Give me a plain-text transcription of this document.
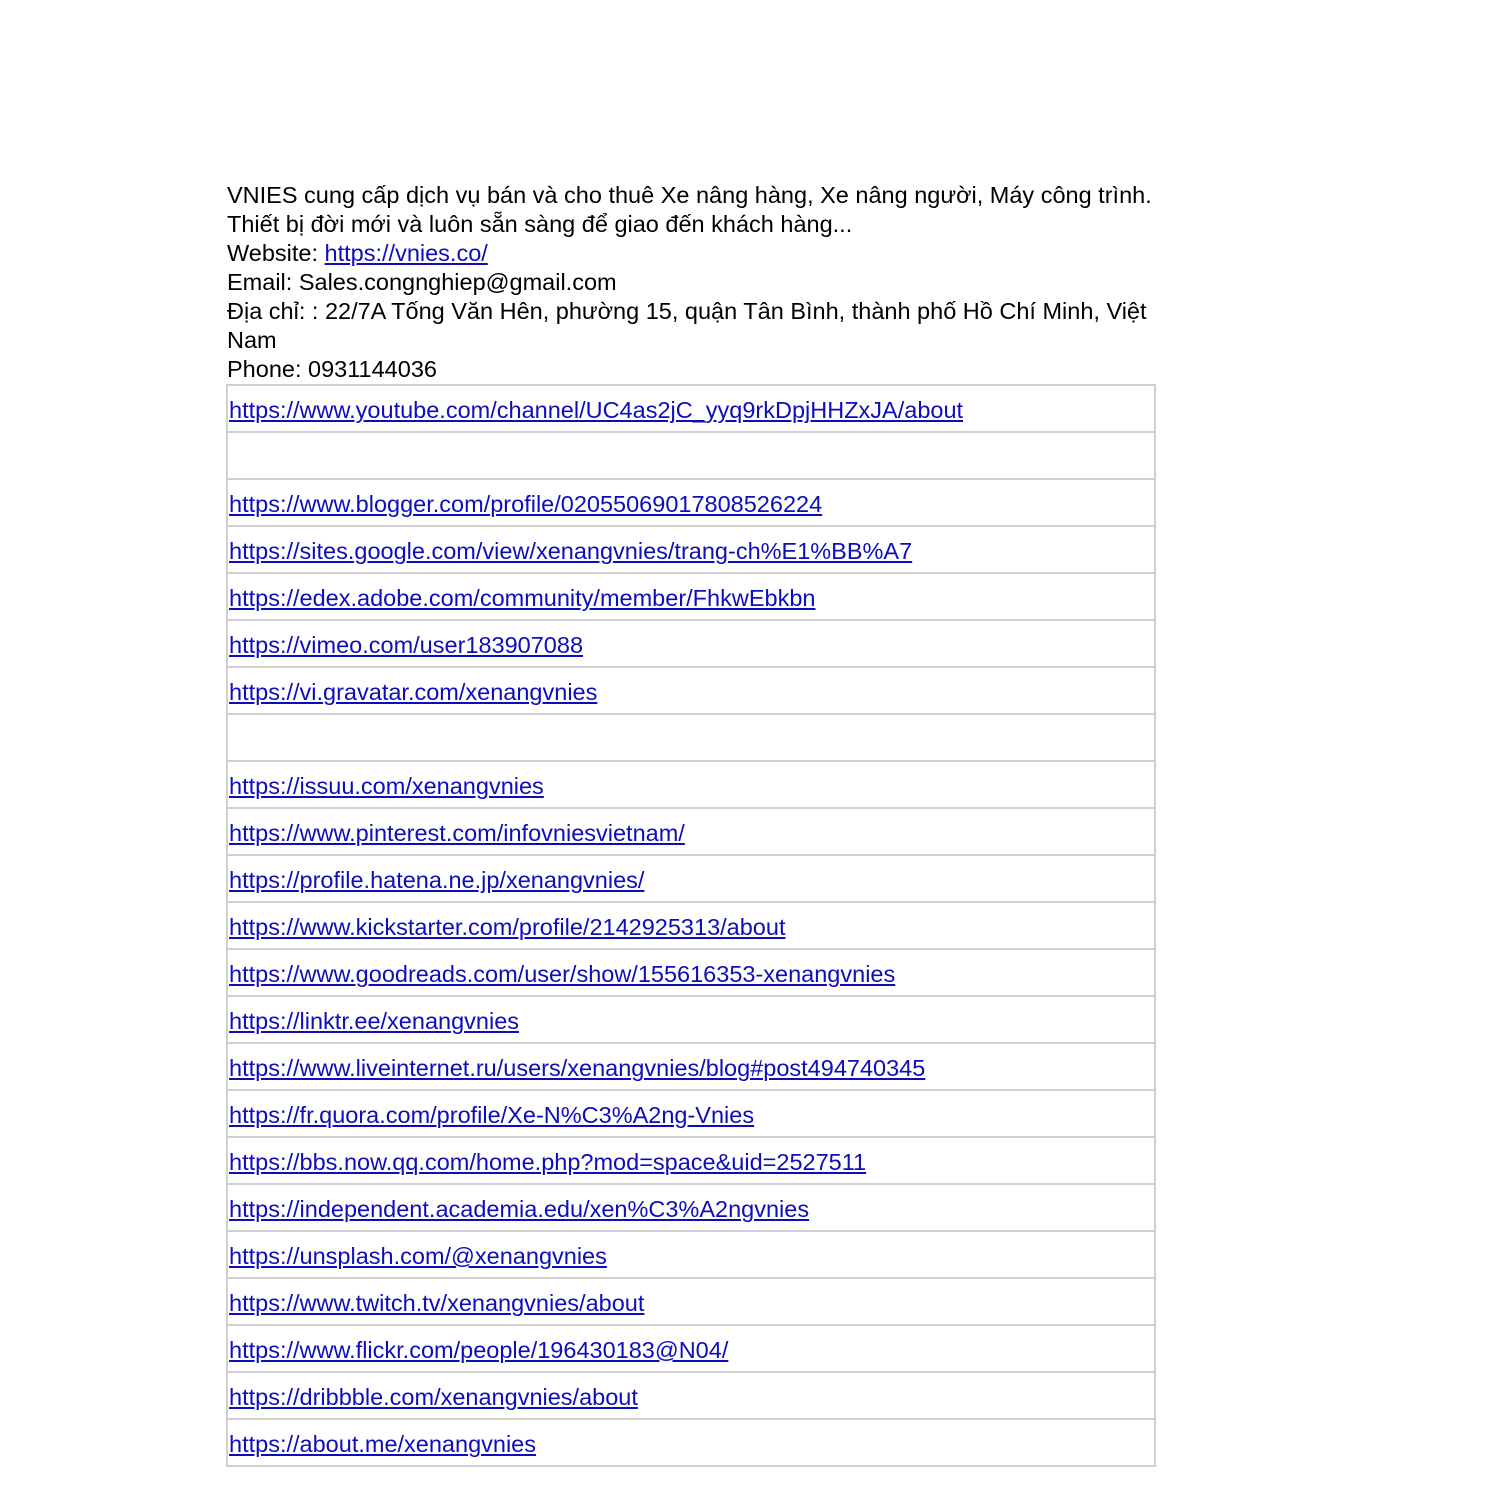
VNIES cung cấp dịch vụ bán và cho thuê Xe nâng hàng, Xe nâng người, Máy công trình.

Thiết bị đời mới và luôn sẵn sàng để giao đến khách hàng...

Website: https://vnies.co/

Email: Sales.congnghiep@gmail.com

Địa chỉ: : 22/7A Tống Văn Hên, phường 15, quận Tân Bình, thành phố Hồ Chí Minh, Việt

Nam

Phone: 0931144036

https://www.youtube.com/channel/UC4as2jC_yyq9rkDpjHHZxJA/about

https://www.blogger.com/profile/02055069017808526224

https://sites.google.com/view/xenangvnies/trang-ch%E1%BB%A7

https://edex.adobe.com/community/member/FhkwEbkbn

https://vimeo.com/user183907088

https://vi.gravatar.com/xenangvnies

https://issuu.com/xenangvnies

https://www.pinterest.com/infovniesvietnam/

https://profile.hatena.ne.jp/xenangvnies/

https://www.kickstarter.com/profile/2142925313/about

https://www.goodreads.com/user/show/155616353-xenangvnies

https://linktr.ee/xenangvnies

https://www.liveinternet.ru/users/xenangvnies/blog#post494740345

https://fr.quora.com/profile/Xe-N%C3%A2ng-Vnies

https://bbs.now.qq.com/home.php?mod=space&uid=2527511

https://independent.academia.edu/xen%C3%A2ngvnies

https://unsplash.com/@xenangvnies

https://www.twitch.tv/xenangvnies/about

https://www.flickr.com/people/196430183@N04/

https://dribbble.com/xenangvnies/about

https://about.me/xenangvnies
